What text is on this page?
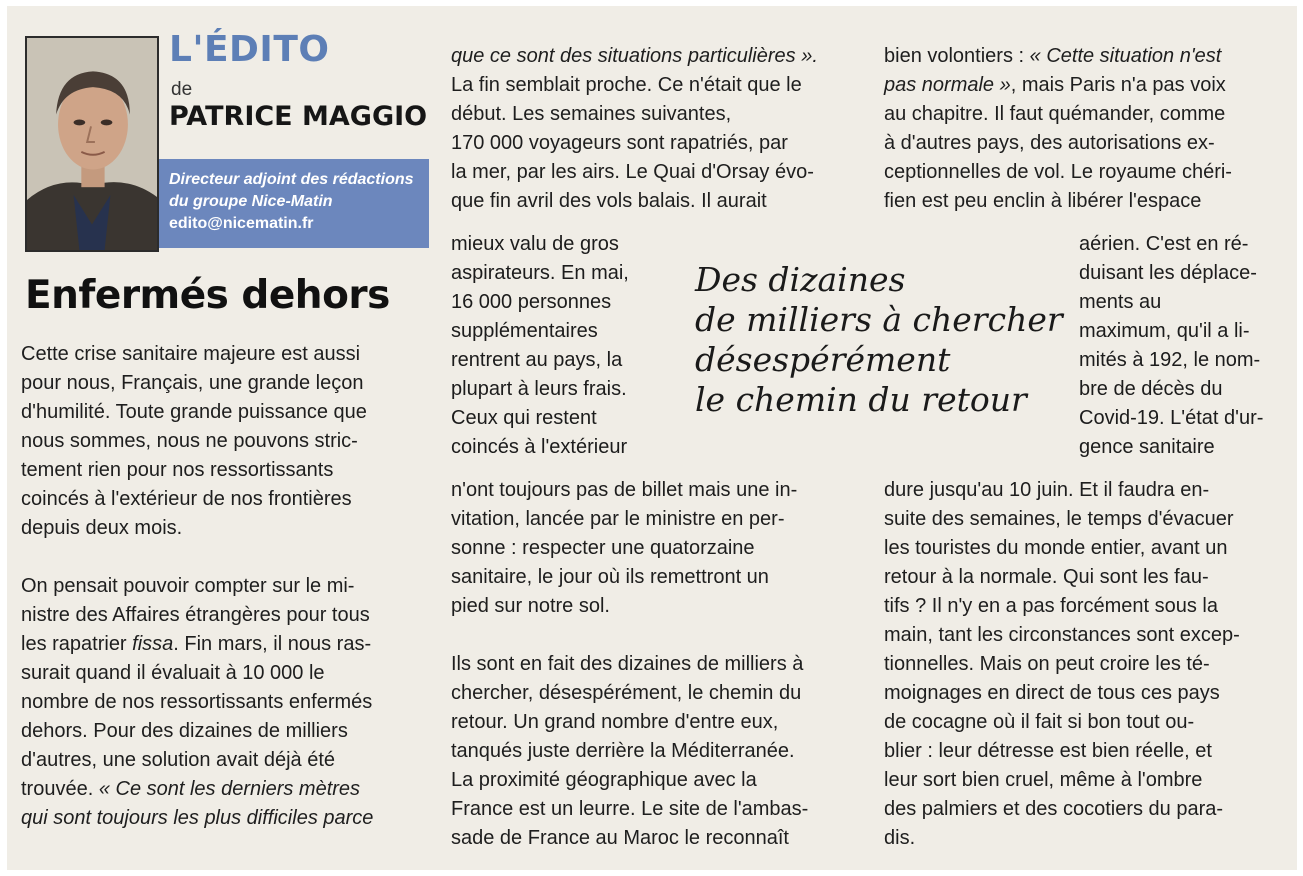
L'ÉDITO

de

PATRICE MAGGIO
Directeur adjoint des rédactions
du groupe Nice-Matin
edito@nicematin.fr
Enfermés dehors

Cette crise sanitaire majeure est aussi

pour nous, Français, une grande leçon

d'humilité. Toute grande puissance que

nous sommes, nous ne pouvons stric-

tement rien pour nos ressortissants

coincés à l'extérieur de nos frontières

depuis deux mois.

On pensait pouvoir compter sur le mi-

nistre des Affaires étrangères pour tous

les rapatrier fissa. Fin mars, il nous ras-

surait quand il évaluait à 10 000 le

nombre de nos ressortissants enfermés

dehors. Pour des dizaines de milliers

d'autres, une solution avait déjà été

trouvée. « Ce sont les derniers mètres

qui sont toujours les plus difficiles parce

que ce sont des situations particulières ».

La fin semblait proche. Ce n'était que le

début. Les semaines suivantes,

170 000 voyageurs sont rapatriés, par

la mer, par les airs. Le Quai d'Orsay évo-

que fin avril des vols balais. Il aurait

mieux valu de gros

aspirateurs. En mai,

16 000 personnes

supplémentaires

rentrent au pays, la

plupart à leurs frais.

Ceux qui restent

coincés à l'extérieur

n'ont toujours pas de billet mais une in-

vitation, lancée par le ministre en per-

sonne : respecter une quatorzaine

sanitaire, le jour où ils remettront un

pied sur notre sol.

Ils sont en fait des dizaines de milliers à

chercher, désespérément, le chemin du

retour. Un grand nombre d'entre eux,

tanqués juste derrière la Méditerranée.

La proximité géographique avec la

France est un leurre. Le site de l'ambas-

sade de France au Maroc le reconnaît

Des dizaines

de milliers à chercher

désespérément

le chemin du retour

bien volontiers : « Cette situation n'est

pas normale », mais Paris n'a pas voix

au chapitre. Il faut quémander, comme

à d'autres pays, des autorisations ex-

ceptionnelles de vol. Le royaume chéri-

fien est peu enclin à libérer l'espace

aérien. C'est en ré-

duisant les déplace-

ments au

maximum, qu'il a li-

mités à 192, le nom-

bre de décès du

Covid-19. L'état d'ur-

gence sanitaire

dure jusqu'au 10 juin. Et il faudra en-

suite des semaines, le temps d'évacuer

les touristes du monde entier, avant un

retour à la normale. Qui sont les fau-

tifs ? Il n'y en a pas forcément sous la

main, tant les circonstances sont excep-

tionnelles. Mais on peut croire les té-

moignages en direct de tous ces pays

de cocagne où il fait si bon tout ou-

blier : leur détresse est bien réelle, et

leur sort bien cruel, même à l'ombre

des palmiers et des cocotiers du para-

dis.
